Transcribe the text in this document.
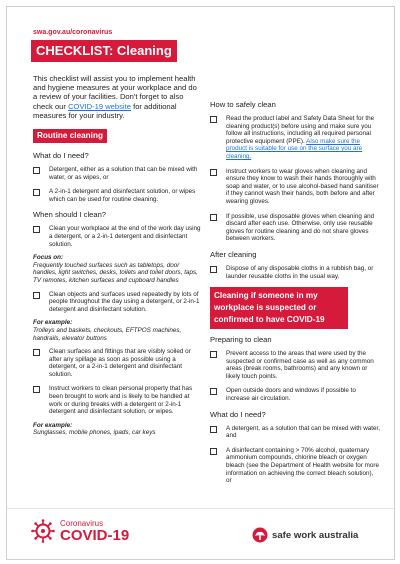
swa.gov.au/coronavirus
CHECKLIST: Cleaning
This checklist will assist you to implement health and hygiene measures at your workplace and do a review of your facilities. Don't forget to also check our COVID-19 website for additional measures for your industry.
Routine cleaning
What do I need?
Detergent, either as a solution that can be mixed with water, or as wipes, or
A 2-in-1 detergent and disinfectant solution, or wipes which can be used for routine cleaning.
When should I clean?
Clean your workplace at the end of the work day using a detergent, or a 2-in-1 detergent and disinfectant solution.
Focus on:
Frequently touched surfaces such as tabletops, door handles, light switches, desks, toilets and toilet doors, taps, TV remotes, kitchen surfaces and cupboard handles
Clean objects and surfaces used repeatedly by lots of people throughout the day using a detergent, or 2-in-1 detergent and disinfectant solution.
For example:
Trolleys and baskets, checkouts, EFTPOS machines, handrails, elevator buttons
Clean surfaces and fittings that are visibly soiled or after any spillage as soon as possible using a detergent, or a 2-in-1 detergent and disinfectant solution.
Instruct workers to clean personal property that has been brought to work and is likely to be handled at work or during breaks with a detergent or 2-in-1 detergent and disinfectant solution, or wipes.
For example:
Sunglasses, mobile phones, ipads, car keys
How to safely clean
Read the product label and Safety Data Sheet for the cleaning product(s) before using and make sure you follow all instructions, including all required personal protective equipment (PPE). Also make sure the product is suitable for use on the surface you are cleaning.
Instruct workers to wear gloves when cleaning and ensure they know to wash their hands thoroughly with soap and water, or to use alcohol-based hand sanitiser if they cannot wash their hands, both before and after wearing gloves.
If possible, use disposable gloves when cleaning and discard after each use. Otherwise, only use reusable gloves for routine cleaning and do not share gloves between workers.
After cleaning
Dispose of any disposable cloths in a rubbish bag, or launder reusable cloths in the usual way.
Cleaning if someone in my
workplace is suspected or
confirmed to have COVID-19
Preparing to clean
Prevent access to the areas that were used by the suspected or confirmed case as well as any common areas (break rooms, bathrooms) and any known or likely touch points.
Open outside doors and windows if possible to increase air circulation.
What do I need?
A detergent, as a solution that can be mixed with water, and
A disinfectant containing > 70% alcohol, quaternary ammonium compounds, chlorine bleach or oxygen bleach (see the Department of Health website for more information on achieving the correct bleach solution), or
Coronavirus
COVID-19	safe work australia
